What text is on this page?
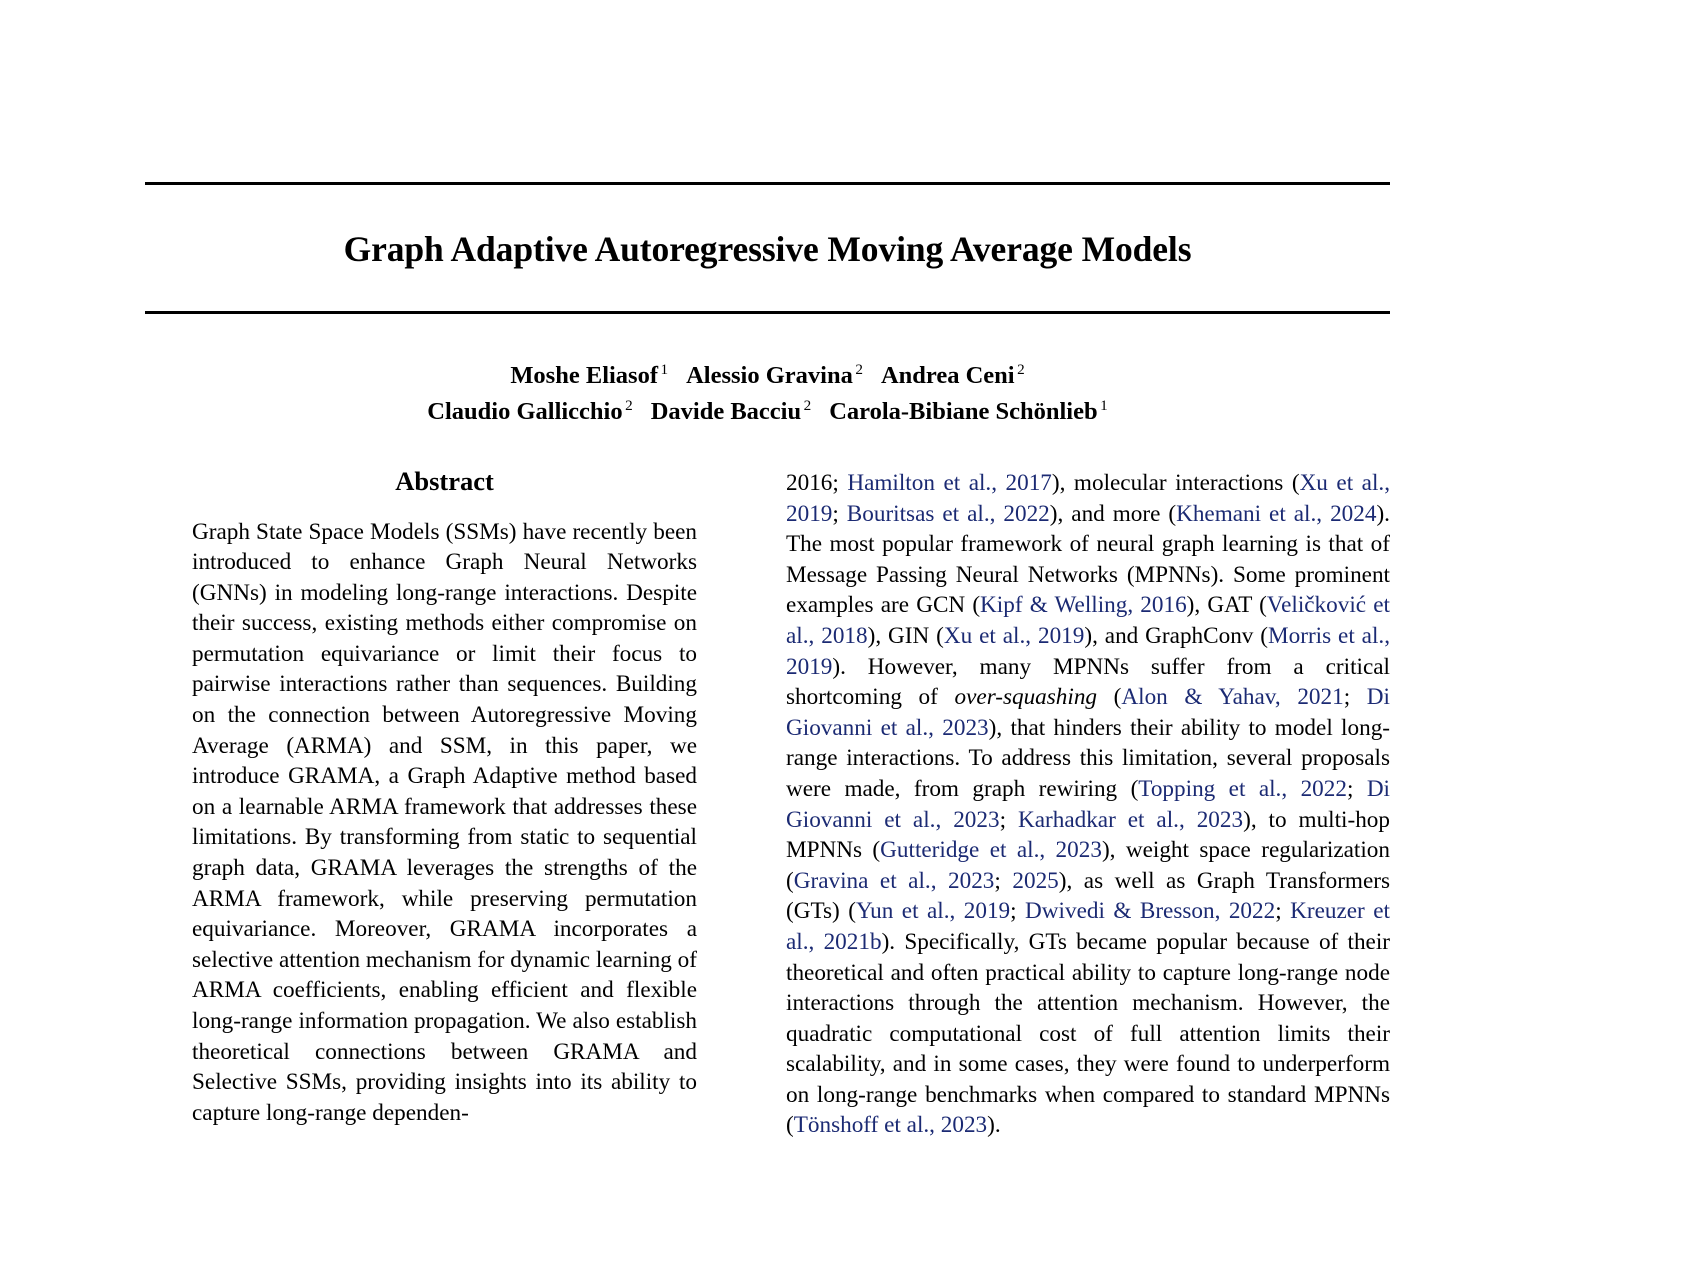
Graph Adaptive Autoregressive Moving Average Models
Moshe Eliasof $^1$ Alessio Gravina $^2$ Andrea Ceni $^2$
Claudio Gallicchio $^2$ Davide Bacciu $^2$ Carola-Bibiane Schönlieb $^1$
Abstract

Graph State Space Models (SSMs) have recently been introduced to enhance Graph Neural Networks (GNNs) in modeling long-range interactions. Despite their success, existing methods either compromise on permutation equivariance or limit their focus to pairwise interactions rather than sequences. Building on the connection between Autoregressive Moving Average (ARMA) and SSM, in this paper, we introduce GRAMA, a Graph Adaptive method based on a learnable ARMA framework that addresses these limitations. By transforming from static to sequential graph data, GRAMA leverages the strengths of the ARMA framework, while preserving permutation equivariance. Moreover, GRAMA incorporates a selective attention mechanism for dynamic learning of ARMA coefficients, enabling efficient and flexible long-range information propagation. We also establish theoretical connections between GRAMA and Selective SSMs, providing insights into its ability to capture long-range dependen-

2016; Hamilton et al., 2017), molecular interactions (Xu et al., 2019; Bouritsas et al., 2022), and more (Khemani et al., 2024). The most popular framework of neural graph learning is that of Message Passing Neural Networks (MPNNs). Some prominent examples are GCN (Kipf & Welling, 2016), GAT (Veličković et al., 2018), GIN (Xu et al., 2019), and GraphConv (Morris et al., 2019). However, many MPNNs suffer from a critical shortcoming of over-squashing (Alon & Yahav, 2021; Di Giovanni et al., 2023), that hinders their ability to model long-range interactions. To address this limitation, several proposals were made, from graph rewiring (Topping et al., 2022; Di Giovanni et al., 2023; Karhadkar et al., 2023), to multi-hop MPNNs (Gutteridge et al., 2023), weight space regularization (Gravina et al., 2023; 2025), as well as Graph Transformers (GTs) (Yun et al., 2019; Dwivedi & Bresson, 2022; Kreuzer et al., 2021b). Specifically, GTs became popular because of their theoretical and often practical ability to capture long-range node interactions through the attention mechanism. However, the quadratic computational cost of full attention limits their scalability, and in some cases, they were found to underperform on long-range benchmarks when compared to standard MPNNs (Tönshoff et al., 2023).
